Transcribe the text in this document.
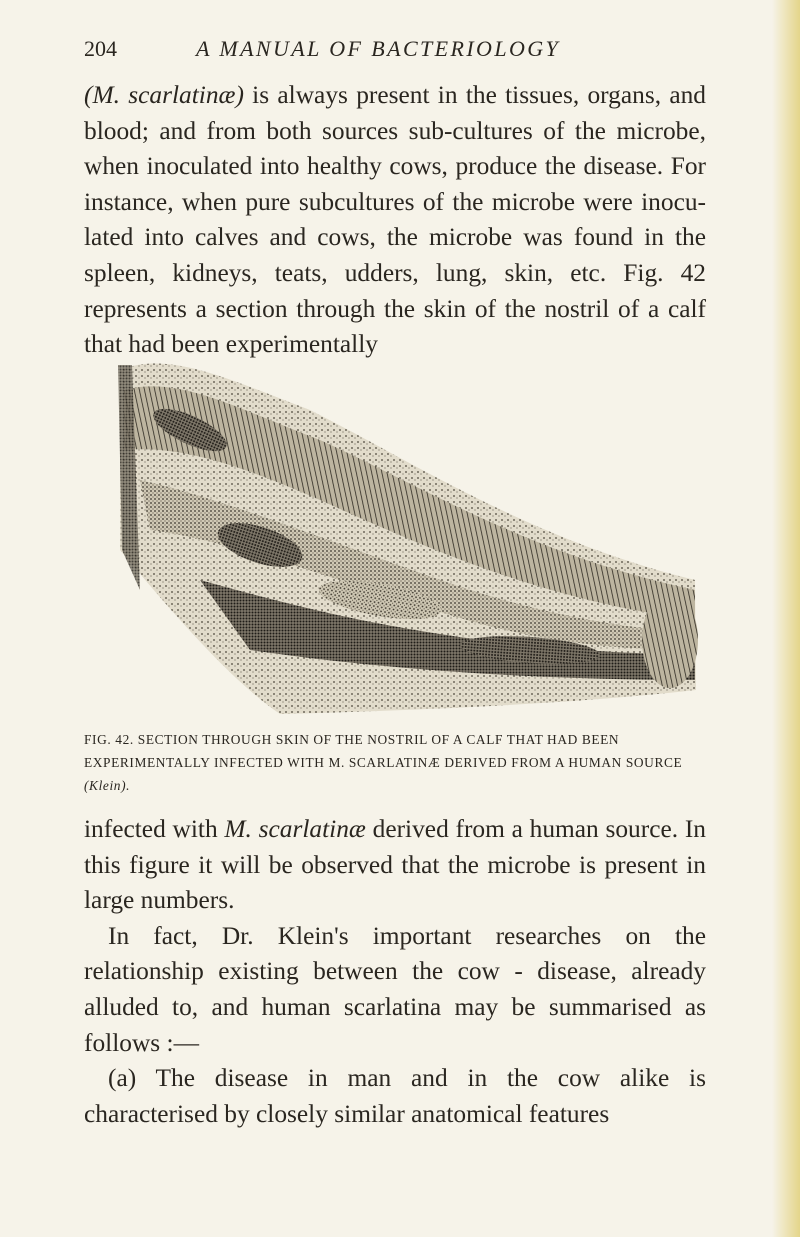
204	A MANUAL OF BACTERIOLOGY

(M. scarlatinæ) is always present in the tissues, organs, and blood; and from both sources sub-cultures of the microbe, when inoculated into healthy cows, produce the disease. For instance, when pure subcultures of the microbe were inocu-lated into calves and cows, the microbe was found in the spleen, kidneys, teats, udders, lung, skin, etc. Fig. 42 represents a section through the skin of the nostril of a calf that had been experimentally

FIG. 42. SECTION THROUGH SKIN OF THE NOSTRIL OF A CALF THAT HAD BEEN EXPERIMENTALLY INFECTED WITH M. SCARLATINÆ DERIVED FROM A HUMAN SOURCE (Klein).

infected with M. scarlatinæ derived from a human source. In this figure it will be observed that the microbe is present in large numbers.
In fact, Dr. Klein's important researches on the relationship existing between the cow - disease, already alluded to, and human scarlatina may be summarised as follows :—
(a) The disease in man and in the cow alike is characterised by closely similar anatomical features
